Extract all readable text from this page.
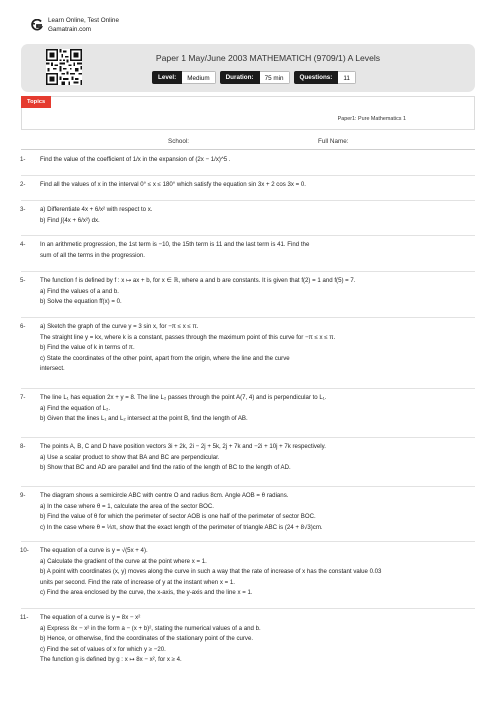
Learn Online, Test Online
Gamatrain.com
Paper 1 May/June 2003 MATHEMATICH (9709/1) A Levels
Level:	Medium	Duration:	75 min	Questions:	11
Topics
Paper1: Pure Mathematics 1
School:	Full Name:
1- Find the value of the coefficient of 1/x in the expansion of (2x − 1/x)^5 .
2- Find all the values of x in the interval 0° ≤ x ≤ 180° which satisfy the equation sin 3x + 2 cos 3x = 0.
3- a) Differentiate 4x + 6/x² with respect to x.
b) Find ∫(4x + 6/x²) dx.
4- In an arithmetic progression, the 1st term is −10, the 15th term is 11 and the last term is 41. Find the
sum of all the terms in the progression.
5- The function f is defined by f : x ↦ ax + b, for x ∈ ℝ, where a and b are constants. It is given that f(2) = 1 and f(5) = 7.
a) Find the values of a and b.
b) Solve the equation ff(x) = 0.
6- a) Sketch the graph of the curve y = 3 sin x, for −π ≤ x ≤ π.
The straight line y = kx, where k is a constant, passes through the maximum point of this curve for −π ≤ x ≤ π.
b) Find the value of k in terms of π.
c) State the coordinates of the other point, apart from the origin, where the line and the curve
intersect.
7- The line L₁ has equation 2x + y = 8. The line L₂ passes through the point A(7, 4) and is perpendicular to L₁.
a) Find the equation of L₂.
b) Given that the lines L₁ and L₂ intersect at the point B, find the length of AB.
8- The points A, B, C and D have position vectors 3i + 2k, 2i − 2j + 5k, 2j + 7k and −2i + 10j + 7k respectively.
a) Use a scalar product to show that BA and BC are perpendicular.
b) Show that BC and AD are parallel and find the ratio of the length of BC to the length of AD.
9- The diagram shows a semicircle ABC with centre O and radius 8cm. Angle AOB = θ radians.
a) In the case where θ = 1, calculate the area of the sector BOC.
b) Find the value of θ for which the perimeter of sector AOB is one half of the perimeter of sector BOC.
c) In the case where θ = ⅓π, show that the exact length of the perimeter of triangle ABC is (24 + 8√3)cm.
10- The equation of a curve is y = √(5x + 4).
a) Calculate the gradient of the curve at the point where x = 1.
b) A point with coordinates (x, y) moves along the curve in such a way that the rate of increase of x has the constant value 0.03
units per second. Find the rate of increase of y at the instant when x = 1.
c) Find the area enclosed by the curve, the x-axis, the y-axis and the line x = 1.
11- The equation of a curve is y = 8x − x²
a) Express 8x − x² in the form a − (x + b)², stating the numerical values of a and b.
b) Hence, or otherwise, find the coordinates of the stationary point of the curve.
c) Find the set of values of x for which y ≥ −20.
The function g is defined by g : x ↦ 8x − x², for x ≥ 4.
